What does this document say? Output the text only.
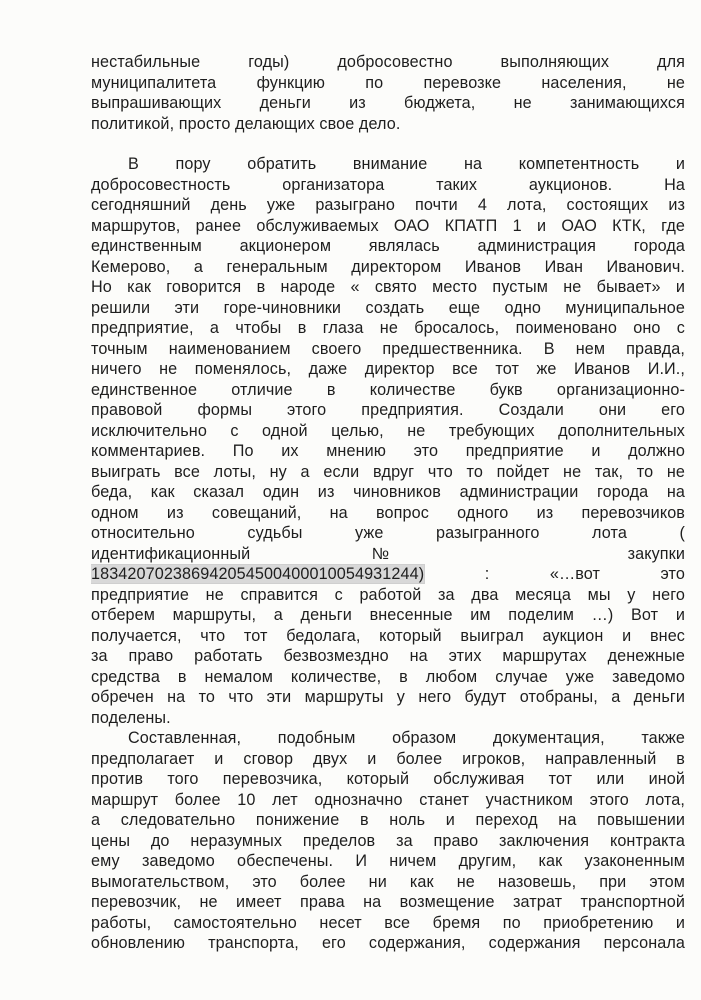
нестабильные годы) добросовестно выполняющих для
муниципалитета функцию по перевозке населения, не
выпрашивающих деньги из бюджета, не занимающихся
политикой, просто делающих свое дело.
В пору обратить внимание на компетентность и
добросовестность организатора таких аукционов. На
сегодняшний день уже разыграно почти 4 лота, состоящих из
маршрутов, ранее обслуживаемых ОАО КПАТП 1 и ОАО КТК, где
единственным акционером являлась администрация города
Кемерово, а генеральным директором Иванов Иван Иванович.
Но как говорится в народе « свято место пустым не бывает» и
решили эти горе-чиновники создать еще одно муниципальное
предприятие, а чтобы в глаза не бросалось, поименовано оно с
точным наименованием своего предшественника. В нем правда,
ничего не поменялось, даже директор все тот же Иванов И.И.,
единственное отличие в количестве букв организационно-
правовой формы этого предприятия. Создали они его
исключительно с одной целью, не требующих дополнительных
комментариев. По их мнению это предприятие и должно
выиграть все лоты, ну а если вдруг что то пойдет не так, то не
беда, как сказал один из чиновников администрации города на
одном из совещаний, на вопрос одного из перевозчиков
относительно судьбы уже разыгранного лота (
идентификационный № закупки
183420702386942054500400010054931244)	: «…вот это
предприятие не справится с работой за два месяца мы у него
отберем маршруты, а деньги внесенные им поделим …) Вот и
получается, что тот бедолага, который выиграл аукцион и внес
за право работать безвозмездно на этих маршрутах денежные
средства в немалом количестве, в любом случае уже заведомо
обречен на то что эти маршруты у него будут отобраны, а деньги
поделены.
Составленная, подобным образом документация, также
предполагает и сговор двух и более игроков, направленный в
против того перевозчика, который обслуживая тот или иной
маршрут более 10 лет однозначно станет участником этого лота,
а следовательно понижение в ноль и переход на повышении
цены до неразумных пределов за право заключения контракта
ему заведомо обеспечены. И ничем другим, как узаконенным
вымогательством, это более ни как не назовешь, при этом
перевозчик, не имеет права на возмещение затрат транспортной
работы, самостоятельно несет все бремя по приобретению и
обновлению транспорта, его содержания, содержания персонала
